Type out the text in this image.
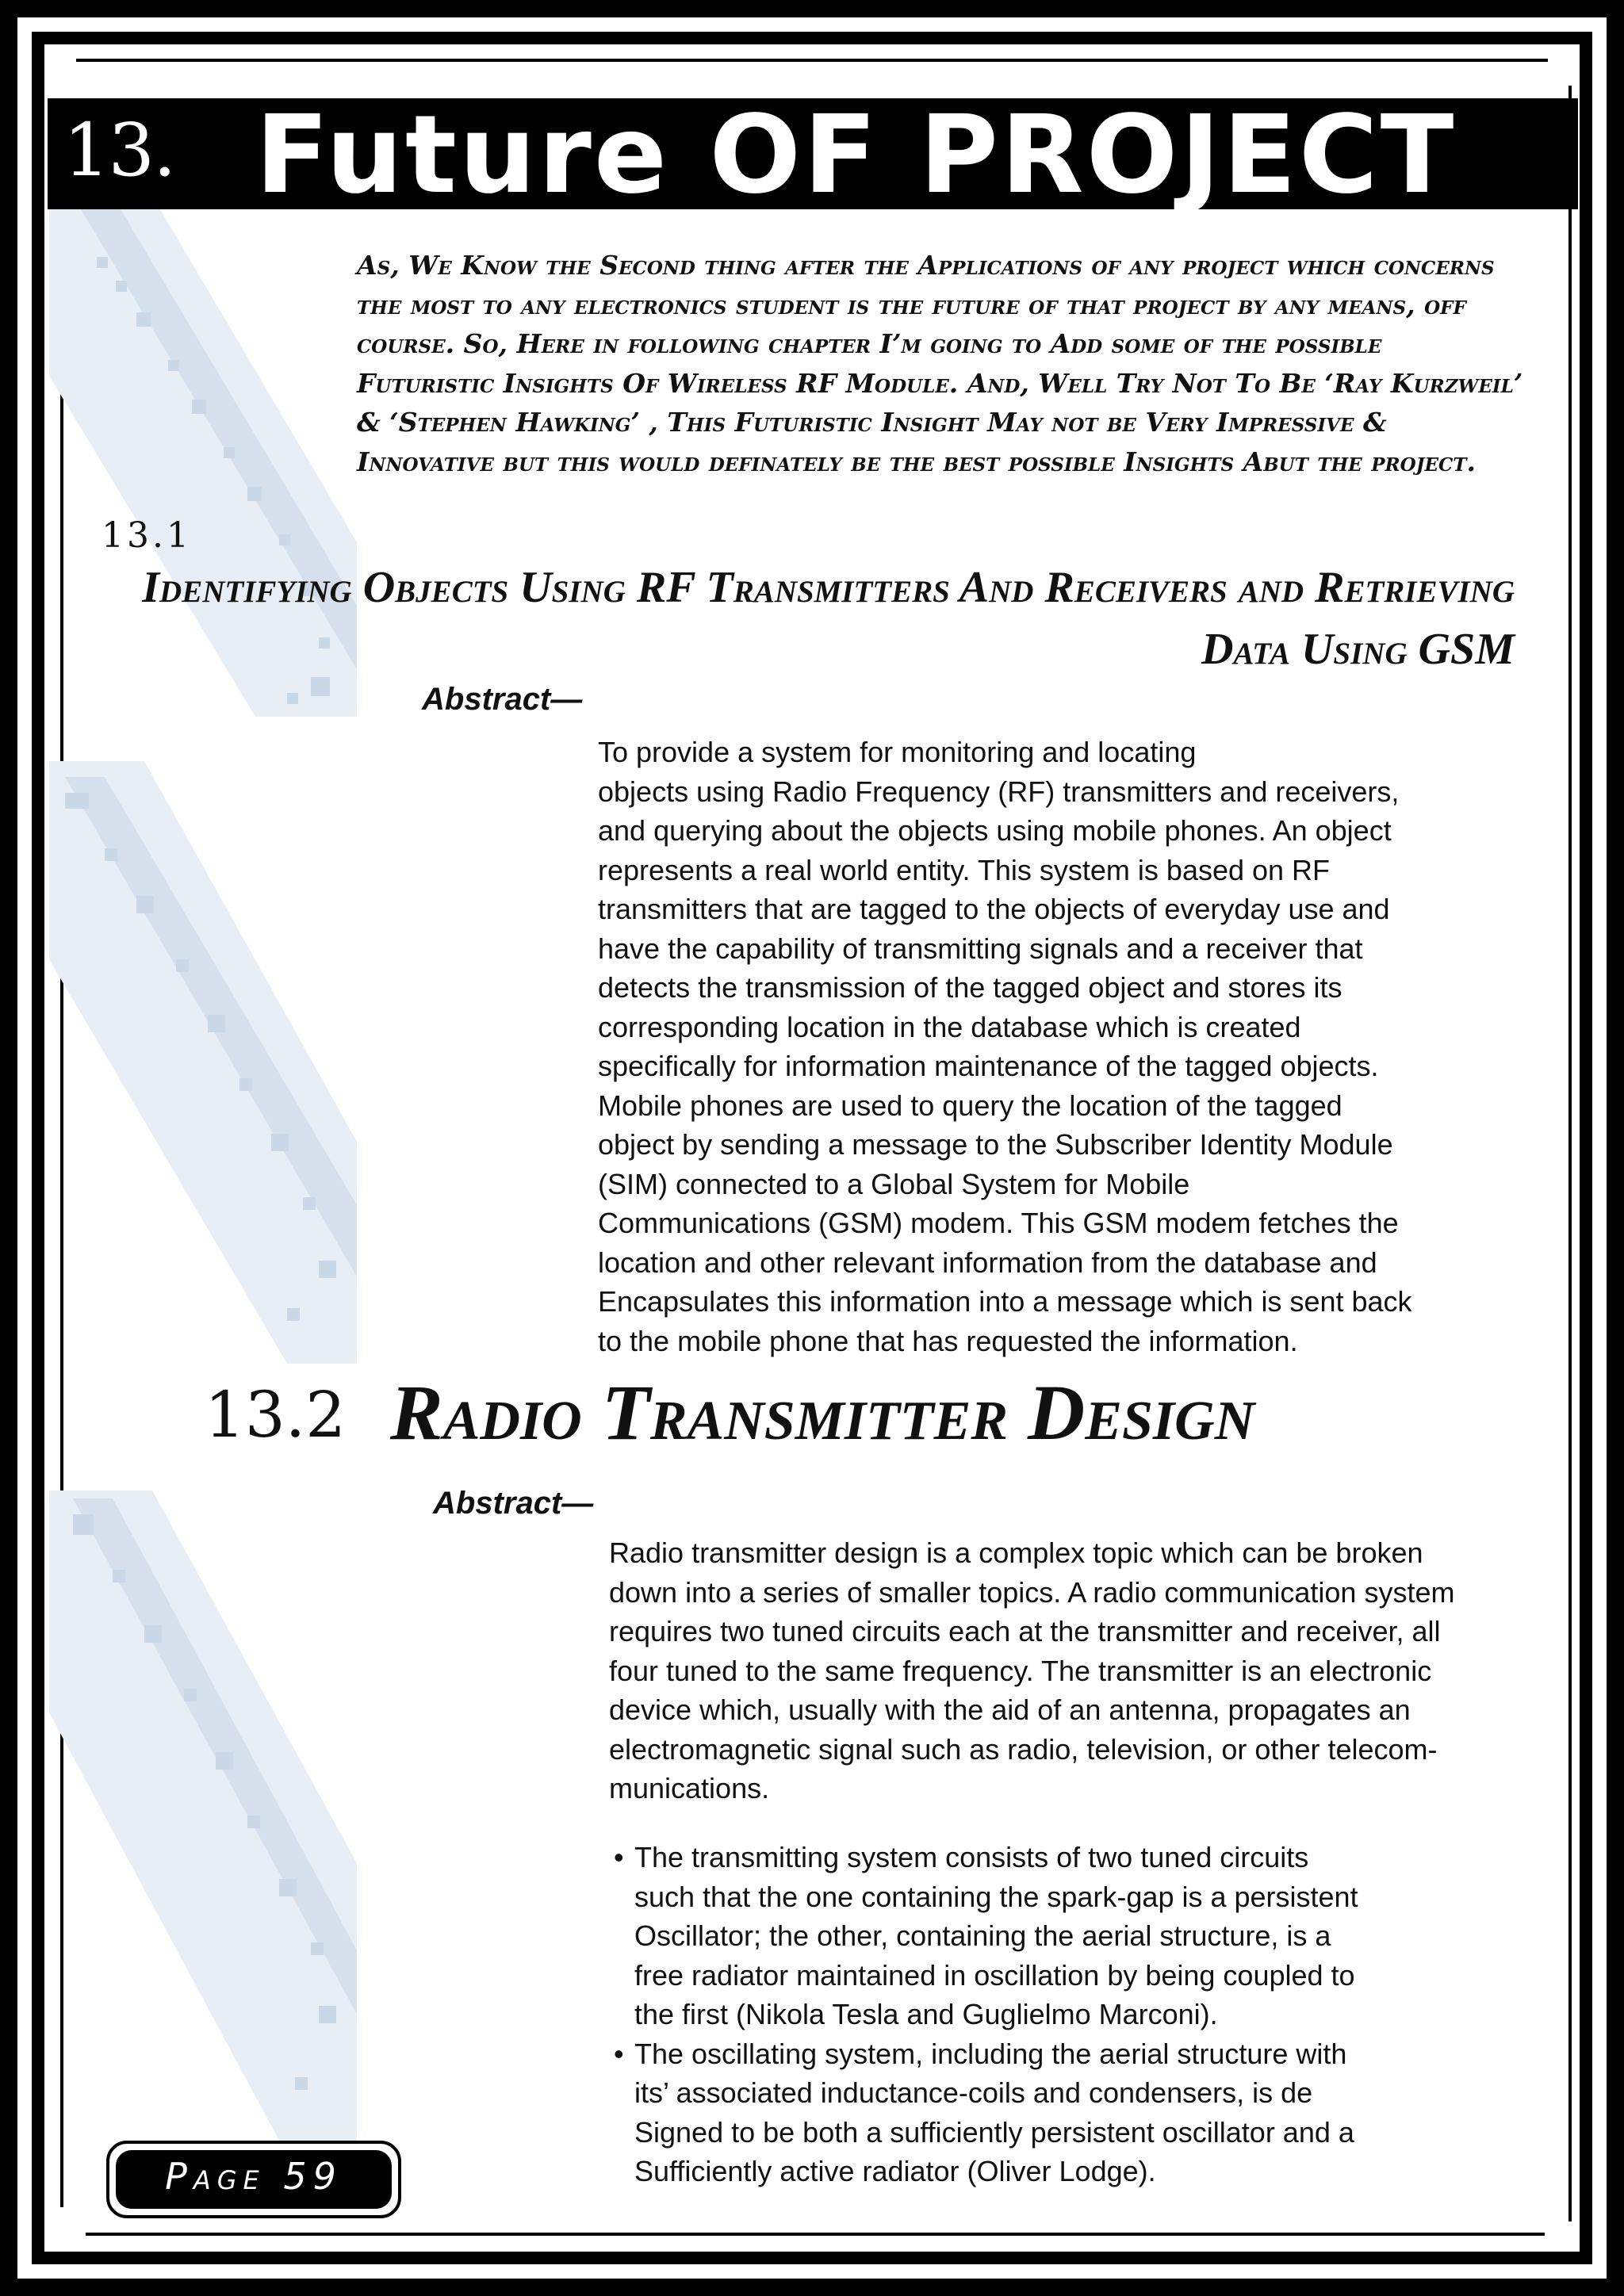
13. Future OF PROJECT
As, We Know the Second thing after the Applications of any project which concerns the most to any electronics student is the future of that project by any means, off course. So, Here in following chapter I’m going to Add some of the possible Futuristic Insights Of Wireless RF Module. And, Well Try Not To Be ‘Ray Kurzweil’ & ‘Stephen Hawking’ , This Futuristic Insight May not be Very Impressive & Innovative but this would definately be the best possible Insights Abut the project.
13.1
Identifying Objects Using RF Transmitters And Receivers and Retrieving
Data Using GSM
Abstract—
To provide a system for monitoring and locating
objects using Radio Frequency (RF) transmitters and receivers,
and querying about the objects using mobile phones. An object
represents a real world entity. This system is based on RF
transmitters that are tagged to the objects of everyday use and
have the capability of transmitting signals and a receiver that
detects the transmission of the tagged object and stores its
corresponding location in the database which is created
specifically for information maintenance of the tagged objects.
Mobile phones are used to query the location of the tagged
object by sending a message to the Subscriber Identity Module
(SIM) connected to a Global System for Mobile
Communications (GSM) modem. This GSM modem fetches the
location and other relevant information from the database and
Encapsulates this information into a message which is sent back
to the mobile phone that has requested the information.
13.2 Radio Transmitter Design
Abstract—
Radio transmitter design is a complex topic which can be broken
down into a series of smaller topics. A radio communication system
requires two tuned circuits each at the transmitter and receiver, all
four tuned to the same frequency. The transmitter is an electronic
device which, usually with the aid of an antenna, propagates an
electromagnetic signal such as radio, television, or other telecom-
munications.
• The transmitting system consists of two tuned circuits
such that the one containing the spark-gap is a persistent
Oscillator; the other, containing the aerial structure, is a
free radiator maintained in oscillation by being coupled to
the first (Nikola Tesla and Guglielmo Marconi).
• The oscillating system, including the aerial structure with
its’ associated inductance-coils and condensers, is de
Signed to be both a sufficiently persistent oscillator and a
Sufficiently active radiator (Oliver Lodge).
Page 59
